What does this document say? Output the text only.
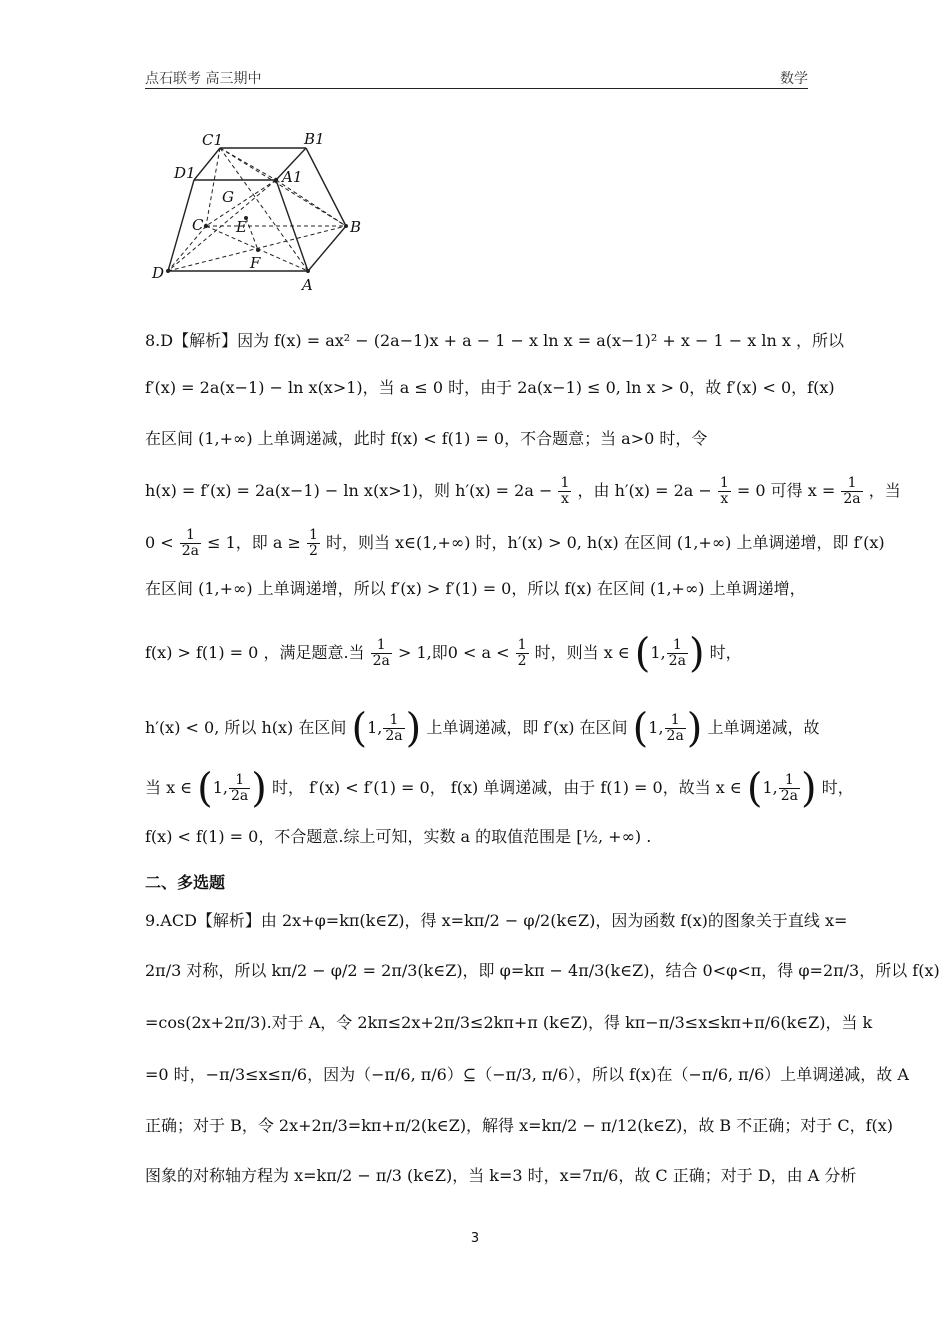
点石联考 高三期中	数学
C1	B1
D1	A1
G
C E	B
F
D
A
8.D【解析】因为 f(x) = ax² − (2a−1)x + a − 1 − x ln x = a(x−1)² + x − 1 − x ln x ，所以
f′(x) = 2a(x−1) − ln x(x>1)，当 a ≤ 0 时，由于 2a(x−1) ≤ 0, ln x > 0，故 f′(x) < 0，f(x)
在区间 (1,+∞) 上单调递减，此时 f(x) < f(1) = 0，不合题意；当 a>0 时，令
h(x) = f′(x) = 2a(x−1) − ln x(x>1)，则 $h'(x) = 2a - \frac{1}{x}$ ，由 $h'(x) = 2a - \frac{1}{x} = 0$ 可得 $x = \frac{1}{2a}$ ，当
$0 < \frac{1}{2a} \le 1$，即 $a \ge \frac{1}{2}$ 时，则当 x∈(1,+∞) 时，h′(x) > 0, h(x) 在区间 (1,+∞) 上单调递增，即 f′(x)
在区间 (1,+∞) 上单调递增，所以 f′(x) > f′(1) = 0，所以 f(x) 在区间 (1,+∞) 上单调递增，
f(x) > f(1) = 0 ，满足题意.当 $\frac{1}{2a} > 1$,即$0 < a < \frac{1}{2}$ 时，则当 x ∈ (1, $\frac{1}{2a}$ ) 时，
h′(x) < 0, 所以 h(x) 在区间 (1, $\frac{1}{2a}$ ) 上单调递减，即 f′(x) 在区间 (1, $\frac{1}{2a}$ ) 上单调递减，故
当 x ∈ (1, $\frac{1}{2a}$ ) 时， f′(x) < f′(1) = 0， f(x) 单调递减，由于 f(1) = 0，故当 x ∈ (1, $\frac{1}{2a}$ ) 时，
f(x) < f(1) = 0，不合题意.综上可知，实数 a 的取值范围是 [½, +∞) .
二、多选题
9.ACD【解析】由 2x+φ=kπ(k∈Z)，得 x=kπ/2 − φ/2(k∈Z)，因为函数 f(x)的图象关于直线 x=
2π/3 对称，所以 kπ/2 − φ/2 = 2π/3(k∈Z)，即 φ=kπ − 4π/3(k∈Z)，结合 0<φ<π，得 φ=2π/3，所以 f(x)
=cos(2x+2π/3).对于 A，令 2kπ≤2x+2π/3≤2kπ+π (k∈Z)，得 kπ−π/3≤x≤kπ+π/6(k∈Z)，当 k
=0 时，−π/3≤x≤π/6，因为（−π/6, π/6）⊆（−π/3, π/6），所以 f(x)在（−π/6, π/6）上单调递减，故 A
正确；对于 B，令 2x+2π/3=kπ+π/2(k∈Z)，解得 x=kπ/2 − π/12(k∈Z)，故 B 不正确；对于 C，f(x)
图象的对称轴方程为 x=kπ/2 − π/3 (k∈Z)，当 k=3 时，x=7π/6，故 C 正确；对于 D，由 A 分析
3
